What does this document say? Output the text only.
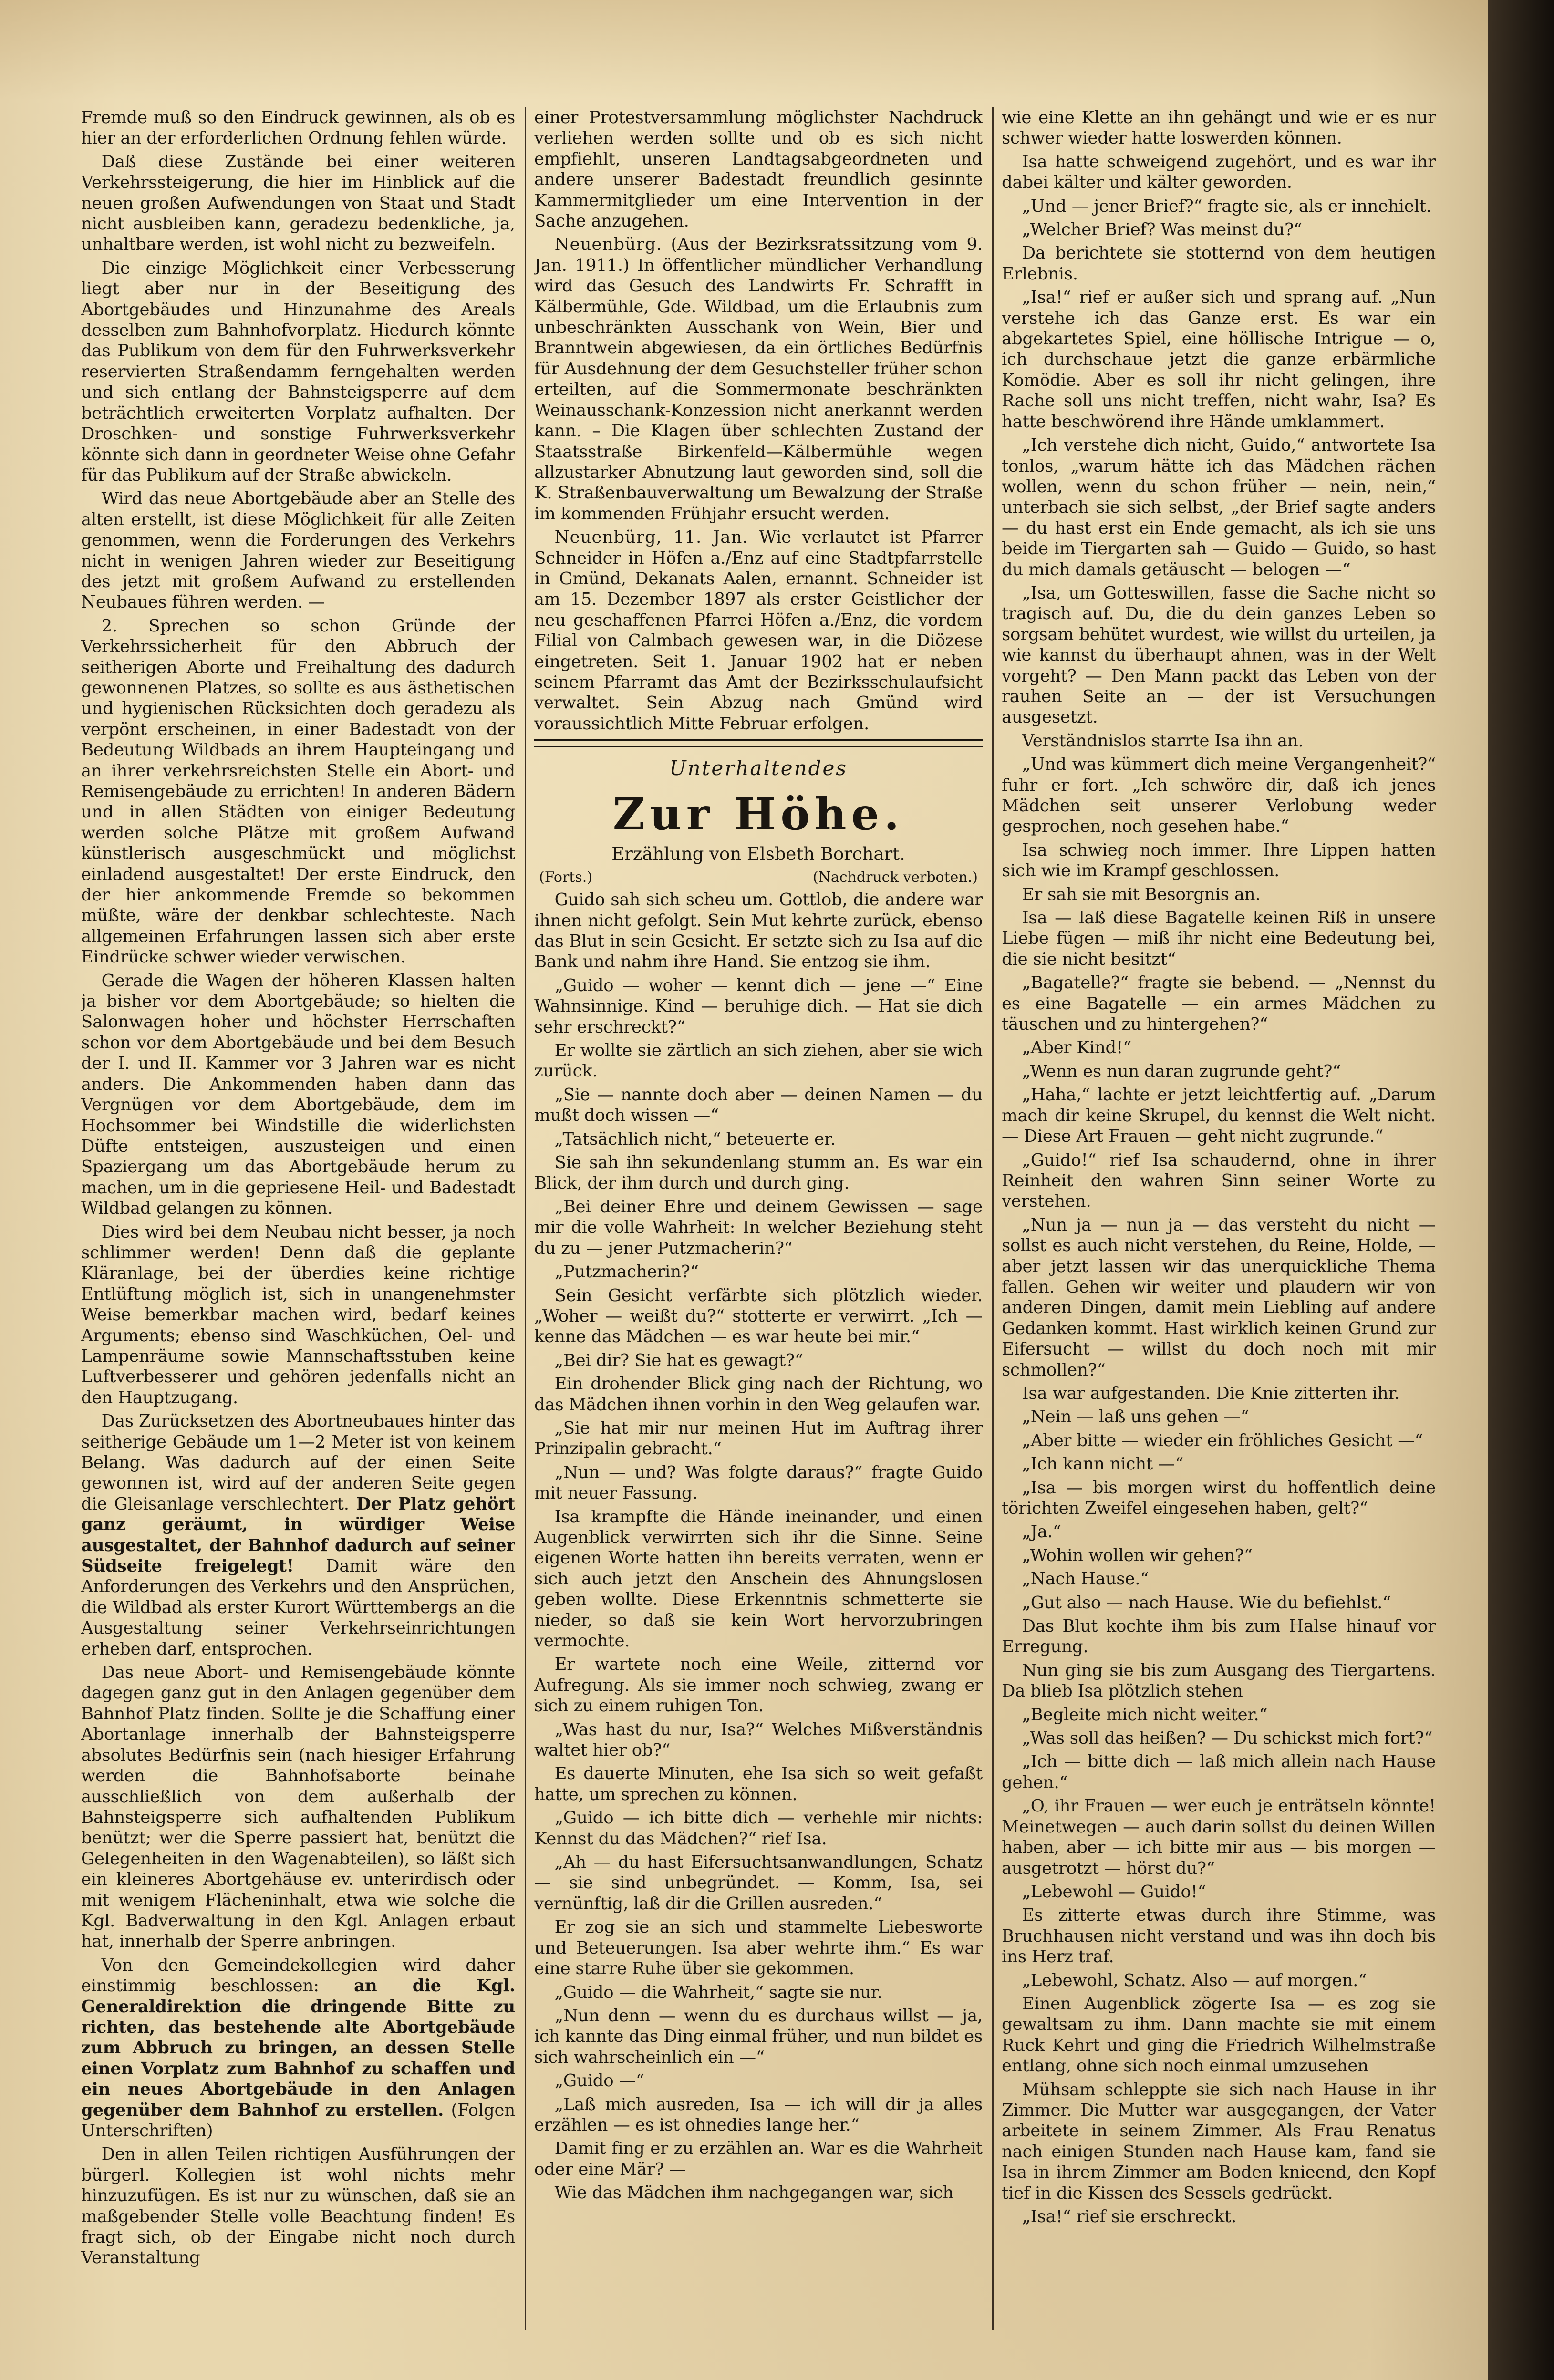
Fremde muß so den Eindruck gewinnen, als ob es hier an der erforderlichen Ordnung fehlen würde.

Daß diese Zustände bei einer weiteren Verkehrssteigerung, die hier im Hinblick auf die neuen großen Aufwendungen von Staat und Stadt nicht ausbleiben kann, geradezu bedenkliche, ja, unhaltbare werden, ist wohl nicht zu bezweifeln.

Die einzige Möglichkeit einer Verbesserung liegt aber nur in der Beseitigung des Abortgebäudes und Hinzunahme des Areals desselben zum Bahnhofvorplatz. Hiedurch könnte das Publikum von dem für den Fuhrwerksverkehr reservierten Straßendamm ferngehalten werden und sich entlang der Bahnsteigsperre auf dem beträchtlich erweiterten Vorplatz aufhalten. Der Droschken- und sonstige Fuhrwerksverkehr könnte sich dann in geordneter Weise ohne Gefahr für das Publikum auf der Straße abwickeln.

Wird das neue Abortgebäude aber an Stelle des alten erstellt, ist diese Möglichkeit für alle Zeiten genommen, wenn die Forderungen des Verkehrs nicht in wenigen Jahren wieder zur Beseitigung des jetzt mit großem Aufwand zu erstellenden Neubaues führen werden. —

2. Sprechen so schon Gründe der Verkehrssicherheit für den Abbruch der seitherigen Aborte und Freihaltung des dadurch gewonnenen Platzes, so sollte es aus ästhetischen und hygienischen Rücksichten doch geradezu als verpönt erscheinen, in einer Badestadt von der Bedeutung Wildbads an ihrem Haupteingang und an ihrer verkehrsreichsten Stelle ein Abort- und Remisengebäude zu errichten! In anderen Bädern und in allen Städten von einiger Bedeutung werden solche Plätze mit großem Aufwand künstlerisch ausgeschmückt und möglichst einladend ausgestaltet! Der erste Eindruck, den der hier ankommende Fremde so bekommen müßte, wäre der denkbar schlechteste. Nach allgemeinen Erfahrungen lassen sich aber erste Eindrücke schwer wieder verwischen.

Gerade die Wagen der höheren Klassen halten ja bisher vor dem Abortgebäude; so hielten die Salonwagen hoher und höchster Herrschaften schon vor dem Abortgebäude und bei dem Besuch der I. und II. Kammer vor 3 Jahren war es nicht anders. Die Ankommenden haben dann das Vergnügen vor dem Abortgebäude, dem im Hochsommer bei Windstille die widerlichsten Düfte entsteigen, auszusteigen und einen Spaziergang um das Abortgebäude herum zu machen, um in die gepriesene Heil- und Badestadt Wildbad gelangen zu können.

Dies wird bei dem Neubau nicht besser, ja noch schlimmer werden! Denn daß die geplante Kläranlage, bei der überdies keine richtige Entlüftung möglich ist, sich in unangenehmster Weise bemerkbar machen wird, bedarf keines Arguments; ebenso sind Waschküchen, Oel- und Lampenräume sowie Mannschaftsstuben keine Luftverbesserer und gehören jedenfalls nicht an den Hauptzugang.

Das Zurücksetzen des Abortneubaues hinter das seitherige Gebäude um 1—2 Meter ist von keinem Belang. Was dadurch auf der einen Seite gewonnen ist, wird auf der anderen Seite gegen die Gleisanlage verschlechtert. Der Platz gehört ganz geräumt, in würdiger Weise ausgestaltet, der Bahnhof dadurch auf seiner Südseite freigelegt! Damit wäre den Anforderungen des Verkehrs und den Ansprüchen, die Wildbad als erster Kurort Württembergs an die Ausgestaltung seiner Verkehrseinrichtungen erheben darf, entsprochen.

Das neue Abort- und Remisengebäude könnte dagegen ganz gut in den Anlagen gegenüber dem Bahnhof Platz finden. Sollte je die Schaffung einer Abortanlage innerhalb der Bahnsteigsperre absolutes Bedürfnis sein (nach hiesiger Erfahrung werden die Bahnhofsaborte beinahe ausschließlich von dem außerhalb der Bahnsteigsperre sich aufhaltenden Publikum benützt; wer die Sperre passiert hat, benützt die Gelegenheiten in den Wagenabteilen), so läßt sich ein kleineres Abortgehäuse ev. unterirdisch oder mit wenigem Flächeninhalt, etwa wie solche die Kgl. Badverwaltung in den Kgl. Anlagen erbaut hat, innerhalb der Sperre anbringen.

Von den Gemeindekollegien wird daher einstimmig beschlossen: an die Kgl. Generaldirektion die dringende Bitte zu richten, das bestehende alte Abortgebäude zum Abbruch zu bringen, an dessen Stelle einen Vorplatz zum Bahnhof zu schaffen und ein neues Abortgebäude in den Anlagen gegenüber dem Bahnhof zu erstellen. (Folgen Unterschriften)

Den in allen Teilen richtigen Ausführungen der bürgerl. Kollegien ist wohl nichts mehr hinzuzufügen. Es ist nur zu wünschen, daß sie an maßgebender Stelle volle Beachtung finden! Es fragt sich, ob der Eingabe nicht noch durch Veranstaltung

einer Protestversammlung möglichster Nachdruck verliehen werden sollte und ob es sich nicht empfiehlt, unseren Landtagsabgeordneten und andere unserer Badestadt freundlich gesinnte Kammermitglieder um eine Intervention in der Sache anzugehen.

Neuenbürg. (Aus der Bezirksratssitzung vom 9. Jan. 1911.) In öffentlicher mündlicher Verhandlung wird das Gesuch des Landwirts Fr. Schrafft in Kälbermühle, Gde. Wildbad, um die Erlaubnis zum unbeschränkten Ausschank von Wein, Bier und Branntwein abgewiesen, da ein örtliches Bedürfnis für Ausdehnung der dem Gesuchsteller früher schon erteilten, auf die Sommermonate beschränkten Weinausschank-Konzession nicht anerkannt werden kann. – Die Klagen über schlechten Zustand der Staatsstraße Birkenfeld—Kälbermühle wegen allzustarker Abnutzung laut geworden sind, soll die K. Straßenbauverwaltung um Bewalzung der Straße im kommenden Frühjahr ersucht werden.

Neuenbürg, 11. Jan. Wie verlautet ist Pfarrer Schneider in Höfen a./Enz auf eine Stadtpfarrstelle in Gmünd, Dekanats Aalen, ernannt. Schneider ist am 15. Dezember 1897 als erster Geistlicher der neu geschaffenen Pfarrei Höfen a./Enz, die vordem Filial von Calmbach gewesen war, in die Diözese eingetreten. Seit 1. Januar 1902 hat er neben seinem Pfarramt das Amt der Bezirksschulaufsicht verwaltet. Sein Abzug nach Gmünd wird voraussichtlich Mitte Februar erfolgen.

Unterhaltendes
Zur Höhe.
Erzählung von Elsbeth Borchart.
(Forts.)	(Nachdruck verboten.)

Guido sah sich scheu um. Gottlob, die andere war ihnen nicht gefolgt. Sein Mut kehrte zurück, ebenso das Blut in sein Gesicht. Er setzte sich zu Isa auf die Bank und nahm ihre Hand. Sie entzog sie ihm.

„Guido — woher — kennt dich — jene —“ Eine Wahnsinnige. Kind — beruhige dich. — Hat sie dich sehr erschreckt?“

Er wollte sie zärtlich an sich ziehen, aber sie wich zurück.

„Sie — nannte doch aber — deinen Namen — du mußt doch wissen —“

„Tatsächlich nicht,“ beteuerte er.

Sie sah ihn sekundenlang stumm an. Es war ein Blick, der ihm durch und durch ging.

„Bei deiner Ehre und deinem Gewissen — sage mir die volle Wahrheit: In welcher Beziehung steht du zu — jener Putzmacherin?“

„Putzmacherin?“

Sein Gesicht verfärbte sich plötzlich wieder. „Woher — weißt du?“ stotterte er verwirrt. „Ich — kenne das Mädchen — es war heute bei mir.“

„Bei dir? Sie hat es gewagt?“

Ein drohender Blick ging nach der Richtung, wo das Mädchen ihnen vorhin in den Weg gelaufen war.

„Sie hat mir nur meinen Hut im Auftrag ihrer Prinzipalin gebracht.“

„Nun — und? Was folgte daraus?“ fragte Guido mit neuer Fassung.

Isa krampfte die Hände ineinander, und einen Augenblick verwirrten sich ihr die Sinne. Seine eigenen Worte hatten ihn bereits verraten, wenn er sich auch jetzt den Anschein des Ahnungslosen geben wollte. Diese Erkenntnis schmetterte sie nieder, so daß sie kein Wort hervorzubringen vermochte.

Er wartete noch eine Weile, zitternd vor Aufregung. Als sie immer noch schwieg, zwang er sich zu einem ruhigen Ton.

„Was hast du nur, Isa?“ Welches Mißverständnis waltet hier ob?“

Es dauerte Minuten, ehe Isa sich so weit gefaßt hatte, um sprechen zu können.

„Guido — ich bitte dich — verhehle mir nichts: Kennst du das Mädchen?“ rief Isa.

„Ah — du hast Eifersuchtsanwandlungen, Schatz — sie sind unbegründet. — Komm, Isa, sei vernünftig, laß dir die Grillen ausreden.“

Er zog sie an sich und stammelte Liebesworte und Beteuerungen. Isa aber wehrte ihm.“ Es war eine starre Ruhe über sie gekommen.

„Guido — die Wahrheit,“ sagte sie nur.

„Nun denn — wenn du es durchaus willst — ja, ich kannte das Ding einmal früher, und nun bildet es sich wahrscheinlich ein —“

„Guido —“

„Laß mich ausreden, Isa — ich will dir ja alles erzählen — es ist ohnedies lange her.“

Damit fing er zu erzählen an. War es die Wahrheit oder eine Mär? —

Wie das Mädchen ihm nachgegangen war, sich

wie eine Klette an ihn gehängt und wie er es nur schwer wieder hatte loswerden können.

Isa hatte schweigend zugehört, und es war ihr dabei kälter und kälter geworden.

„Und — jener Brief?“ fragte sie, als er innehielt.

„Welcher Brief? Was meinst du?“

Da berichtete sie stotternd von dem heutigen Erlebnis.

„Isa!“ rief er außer sich und sprang auf. „Nun verstehe ich das Ganze erst. Es war ein abgekartetes Spiel, eine höllische Intrigue — o, ich durchschaue jetzt die ganze erbärmliche Komödie. Aber es soll ihr nicht gelingen, ihre Rache soll uns nicht treffen, nicht wahr, Isa? Es hatte beschwörend ihre Hände umklammert.

„Ich verstehe dich nicht, Guido,“ antwortete Isa tonlos, „warum hätte ich das Mädchen rächen wollen, wenn du schon früher — nein, nein,“ unterbach sie sich selbst, „der Brief sagte anders — du hast erst ein Ende gemacht, als ich sie uns beide im Tiergarten sah — Guido — Guido, so hast du mich damals getäuscht — belogen —“

„Isa, um Gotteswillen, fasse die Sache nicht so tragisch auf. Du, die du dein ganzes Leben so sorgsam behütet wurdest, wie willst du urteilen, ja wie kannst du überhaupt ahnen, was in der Welt vorgeht? — Den Mann packt das Leben von der rauhen Seite an — der ist Versuchungen ausgesetzt.

Verständnislos starrte Isa ihn an.

„Und was kümmert dich meine Vergangenheit?“ fuhr er fort. „Ich schwöre dir, daß ich jenes Mädchen seit unserer Verlobung weder gesprochen, noch gesehen habe.“

Isa schwieg noch immer. Ihre Lippen hatten sich wie im Krampf geschlossen.

Er sah sie mit Besorgnis an.

Isa — laß diese Bagatelle keinen Riß in unsere Liebe fügen — miß ihr nicht eine Bedeutung bei, die sie nicht besitzt“

„Bagatelle?“ fragte sie bebend. — „Nennst du es eine Bagatelle — ein armes Mädchen zu täuschen und zu hintergehen?“

„Aber Kind!“

„Wenn es nun daran zugrunde geht?“

„Haha,“ lachte er jetzt leichtfertig auf. „Darum mach dir keine Skrupel, du kennst die Welt nicht. — Diese Art Frauen — geht nicht zugrunde.“

„Guido!“ rief Isa schaudernd, ohne in ihrer Reinheit den wahren Sinn seiner Worte zu verstehen.

„Nun ja — nun ja — das versteht du nicht — sollst es auch nicht verstehen, du Reine, Holde, — aber jetzt lassen wir das unerquickliche Thema fallen. Gehen wir weiter und plaudern wir von anderen Dingen, damit mein Liebling auf andere Gedanken kommt. Hast wirklich keinen Grund zur Eifersucht — willst du doch noch mit mir schmollen?“

Isa war aufgestanden. Die Knie zitterten ihr.

„Nein — laß uns gehen —“

„Aber bitte — wieder ein fröhliches Gesicht —“

„Ich kann nicht —“

„Isa — bis morgen wirst du hoffentlich deine törichten Zweifel eingesehen haben, gelt?“

„Ja.“

„Wohin wollen wir gehen?“

„Nach Hause.“

„Gut also — nach Hause. Wie du befiehlst.“

Das Blut kochte ihm bis zum Halse hinauf vor Erregung.

Nun ging sie bis zum Ausgang des Tiergartens. Da blieb Isa plötzlich stehen

„Begleite mich nicht weiter.“

„Was soll das heißen? — Du schickst mich fort?“

„Ich — bitte dich — laß mich allein nach Hause gehen.“

„O, ihr Frauen — wer euch je enträtseln könnte! Meinetwegen — auch darin sollst du deinen Willen haben, aber — ich bitte mir aus — bis morgen — ausgetrotzt — hörst du?“

„Lebewohl — Guido!“

Es zitterte etwas durch ihre Stimme, was Bruchhausen nicht verstand und was ihn doch bis ins Herz traf.

„Lebewohl, Schatz. Also — auf morgen.“

Einen Augenblick zögerte Isa — es zog sie gewaltsam zu ihm. Dann machte sie mit einem Ruck Kehrt und ging die Friedrich Wilhelmstraße entlang, ohne sich noch einmal umzusehen

Mühsam schleppte sie sich nach Hause in ihr Zimmer. Die Mutter war ausgegangen, der Vater arbeitete in seinem Zimmer. Als Frau Renatus nach einigen Stunden nach Hause kam, fand sie Isa in ihrem Zimmer am Boden knieend, den Kopf tief in die Kissen des Sessels gedrückt.

„Isa!“ rief sie erschreckt.
